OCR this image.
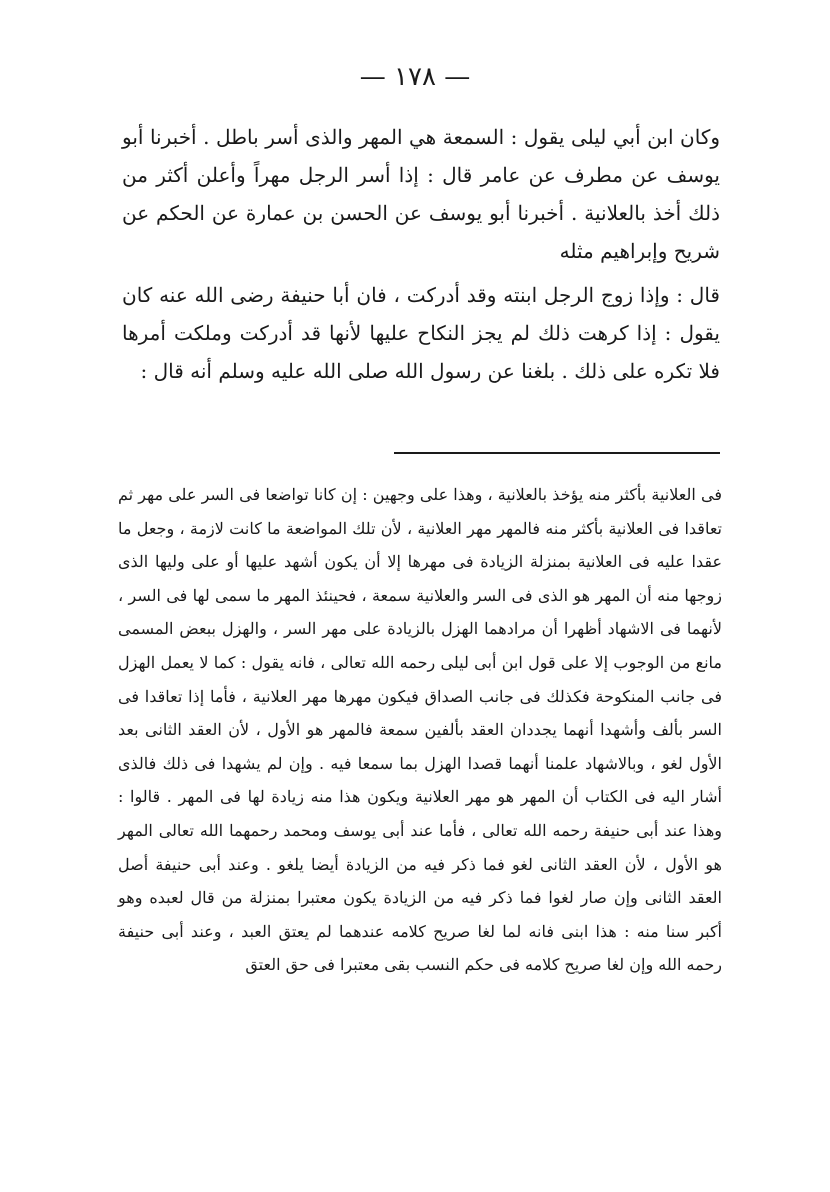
— ١٧٨ —

وكان ابن أبي ليلى يقول : السمعة هي المهر والذى أسر باطل . أخبرنا أبو يوسف عن مطرف عن عامر قال : إذا أسر الرجل مهراً وأعلن أكثر من ذلك أخذ بالعلانية . أخبرنا أبو يوسف عن الحسن بن عمارة عن الحكم عن شريح وإبراهيم مثله

قال : وإذا زوج الرجل ابنته وقد أدركت ، فان أبا حنيفة رضى الله عنه كان يقول : إذا كرهت ذلك لم يجز النكاح عليها لأنها قد أدركت وملكت أمرها فلا تكره على ذلك . بلغنا عن رسول الله صلى الله عليه وسلم أنه قال :

فى العلانية بأكثر منه يؤخذ بالعلانية ، وهذا على وجهين : إن كانا تواضعا فى السر على مهر ثم تعاقدا فى العلانية بأكثر منه فالمهر مهر العلانية ، لأن تلك المواضعة ما كانت لازمة ، وجعل ما عقدا عليه فى العلانية بمنزلة الزيادة فى مهرها إلا أن يكون أشهد عليها أو على وليها الذى زوجها منه أن المهر هو الذى فى السر والعلانية سمعة ، فحينئذ المهر ما سمى لها فى السر ، لأنهما فى الاشهاد أظهرا أن مرادهما الهزل بالزيادة على مهر السر ، والهزل ببعض المسمى مانع من الوجوب إلا على قول ابن أبى ليلى رحمه الله تعالى ، فانه يقول : كما لا يعمل الهزل فى جانب المنكوحة فكذلك فى جانب الصداق فيكون مهرها مهر العلانية ، فأما إذا تعاقدا فى السر بألف وأشهدا أنهما يجددان العقد بألفين سمعة فالمهر هو الأول ، لأن العقد الثانى بعد الأول لغو ، وبالاشهاد علمنا أنهما قصدا الهزل بما سمعا فيه . وإن لم يشهدا فى ذلك فالذى أشار اليه فى الكتاب أن المهر هو مهر العلانية ويكون هذا منه زيادة لها فى المهر . قالوا : وهذا عند أبى حنيفة رحمه الله تعالى ، فأما عند أبى يوسف ومحمد رحمهما الله تعالى المهر هو الأول ، لأن العقد الثانى لغو فما ذكر فيه من الزيادة أيضا يلغو . وعند أبى حنيفة أصل العقد الثانى وإن صار لغوا فما ذكر فيه من الزيادة يكون معتبرا بمنزلة من قال لعبده وهو أكبر سنا منه : هذا ابنى فانه لما لغا صريح كلامه عندهما لم يعتق العبد ، وعند أبى حنيفة رحمه الله وإن لغا صريح كلامه فى حكم النسب بقى معتبرا فى حق العتق
